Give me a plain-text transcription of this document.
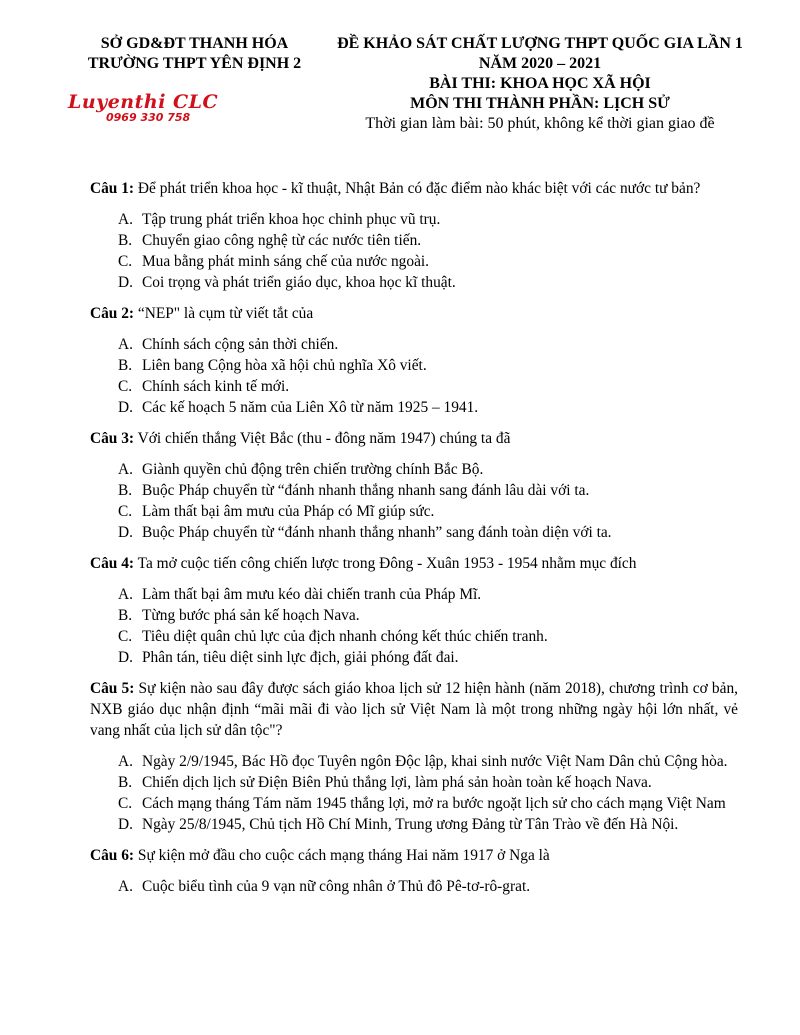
SỞ GD&ĐT THANH HÓA
TRƯỜNG THPT YÊN ĐỊNH 2
Luyenthi CLC
0969 330 758
ĐỀ KHẢO SÁT CHẤT LƯỢNG THPT QUỐC GIA LẦN 1
NĂM 2020 – 2021
BÀI THI: KHOA HỌC XÃ HỘI
MÔN THI THÀNH PHẦN: LỊCH SỬ
Thời gian làm bài: 50 phút, không kể thời gian giao đề

Câu 1: Để phát triển khoa học - kĩ thuật, Nhật Bản có đặc điểm nào khác biệt với các nước tư bản?

A. Tập trung phát triển khoa học chinh phục vũ trụ.
B. Chuyển giao công nghệ từ các nước tiên tiến.
C. Mua bằng phát minh sáng chế của nước ngoài.
D. Coi trọng và phát triển giáo dục, khoa học kĩ thuật.

Câu 2: “NEP" là cụm từ viết tắt của

A. Chính sách cộng sản thời chiến.
B. Liên bang Cộng hòa xã hội chủ nghĩa Xô viết.
C. Chính sách kinh tế mới.
D. Các kế hoạch 5 năm của Liên Xô từ năm 1925 – 1941.

Câu 3: Với chiến thắng Việt Bắc (thu - đông năm 1947) chúng ta đã

A. Giành quyền chủ động trên chiến trường chính Bắc Bộ.
B. Buộc Pháp chuyển từ “đánh nhanh thắng nhanh sang đánh lâu dài với ta.
C. Làm thất bại âm mưu của Pháp có Mĩ giúp sức.
D. Buộc Pháp chuyển từ “đánh nhanh thắng nhanh” sang đánh toàn diện với ta.

Câu 4: Ta mở cuộc tiến công chiến lược trong Đông - Xuân 1953 - 1954 nhằm mục đích

A. Làm thất bại âm mưu kéo dài chiến tranh của Pháp Mĩ.
B. Từng bước phá sản kế hoạch Nava.
C. Tiêu diệt quân chủ lực của địch nhanh chóng kết thúc chiến tranh.
D. Phân tán, tiêu diệt sinh lực địch, giải phóng đất đai.

Câu 5: Sự kiện nào sau đây được sách giáo khoa lịch sử 12 hiện hành (năm 2018), chương trình cơ bản, NXB giáo dục nhận định “mãi mãi đi vào lịch sử Việt Nam là một trong những ngày hội lớn nhất, vẻ vang nhất của lịch sử dân tộc"?

A. Ngày 2/9/1945, Bác Hồ đọc Tuyên ngôn Độc lập, khai sinh nước Việt Nam Dân chủ Cộng hòa.
B. Chiến dịch lịch sử Điện Biên Phủ thắng lợi, làm phá sản hoàn toàn kế hoạch Nava.
C. Cách mạng tháng Tám năm 1945 thắng lợi, mở ra bước ngoặt lịch sử cho cách mạng Việt Nam
D. Ngày 25/8/1945, Chủ tịch Hồ Chí Minh, Trung ương Đảng từ Tân Trào về đến Hà Nội.

Câu 6: Sự kiện mở đầu cho cuộc cách mạng tháng Hai năm 1917 ở Nga là

A. Cuộc biểu tình của 9 vạn nữ công nhân ở Thủ đô Pê-tơ-rô-grat.
